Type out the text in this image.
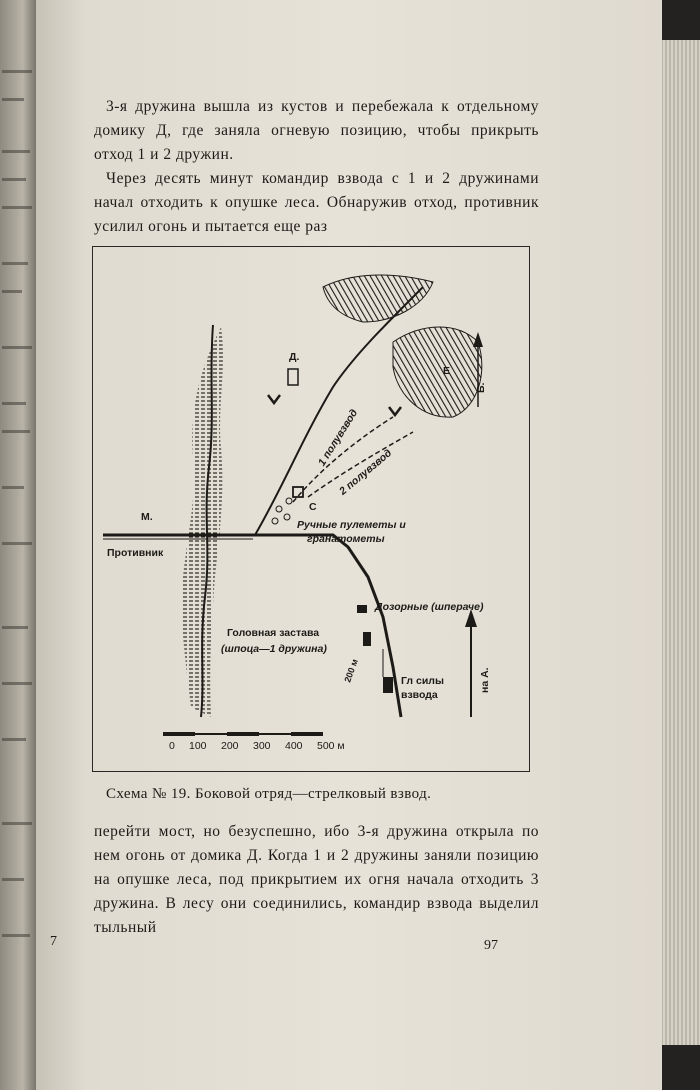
3-я дружина вышла из кустов и перебежала к отдельному домику Д, где заняла огневую позицию, чтобы прикрыть отход 1 и 2 дружин.

Через десять минут командир взвода с 1 и 2 дружинами начал отходить к опушке леса. Обнаружив отход, противник усилил огонь и пытается еще раз

М.
Противник
Д.
Е
Б.
С
1 полувзвод
2 полувзвод
Ручные пулеметы и
гранатометы
Дозорные (шпераче)
Головная застава
(шпоца—1 дружина)
200 м	Гл силы
взвода
на А.
0 100 200 300 400 500 м
Схема № 19. Боковой отряд—стрелковый взвод.

перейти мост, но безуспешно, ибо 3-я дружина открыла по нем огонь от домика Д. Когда 1 и 2 дружины заняли позицию на опушке леса, под прикрытием их огня начала отходить 3 дружина. В лесу они соединились, командир взвода выделил тыльный

7	97
